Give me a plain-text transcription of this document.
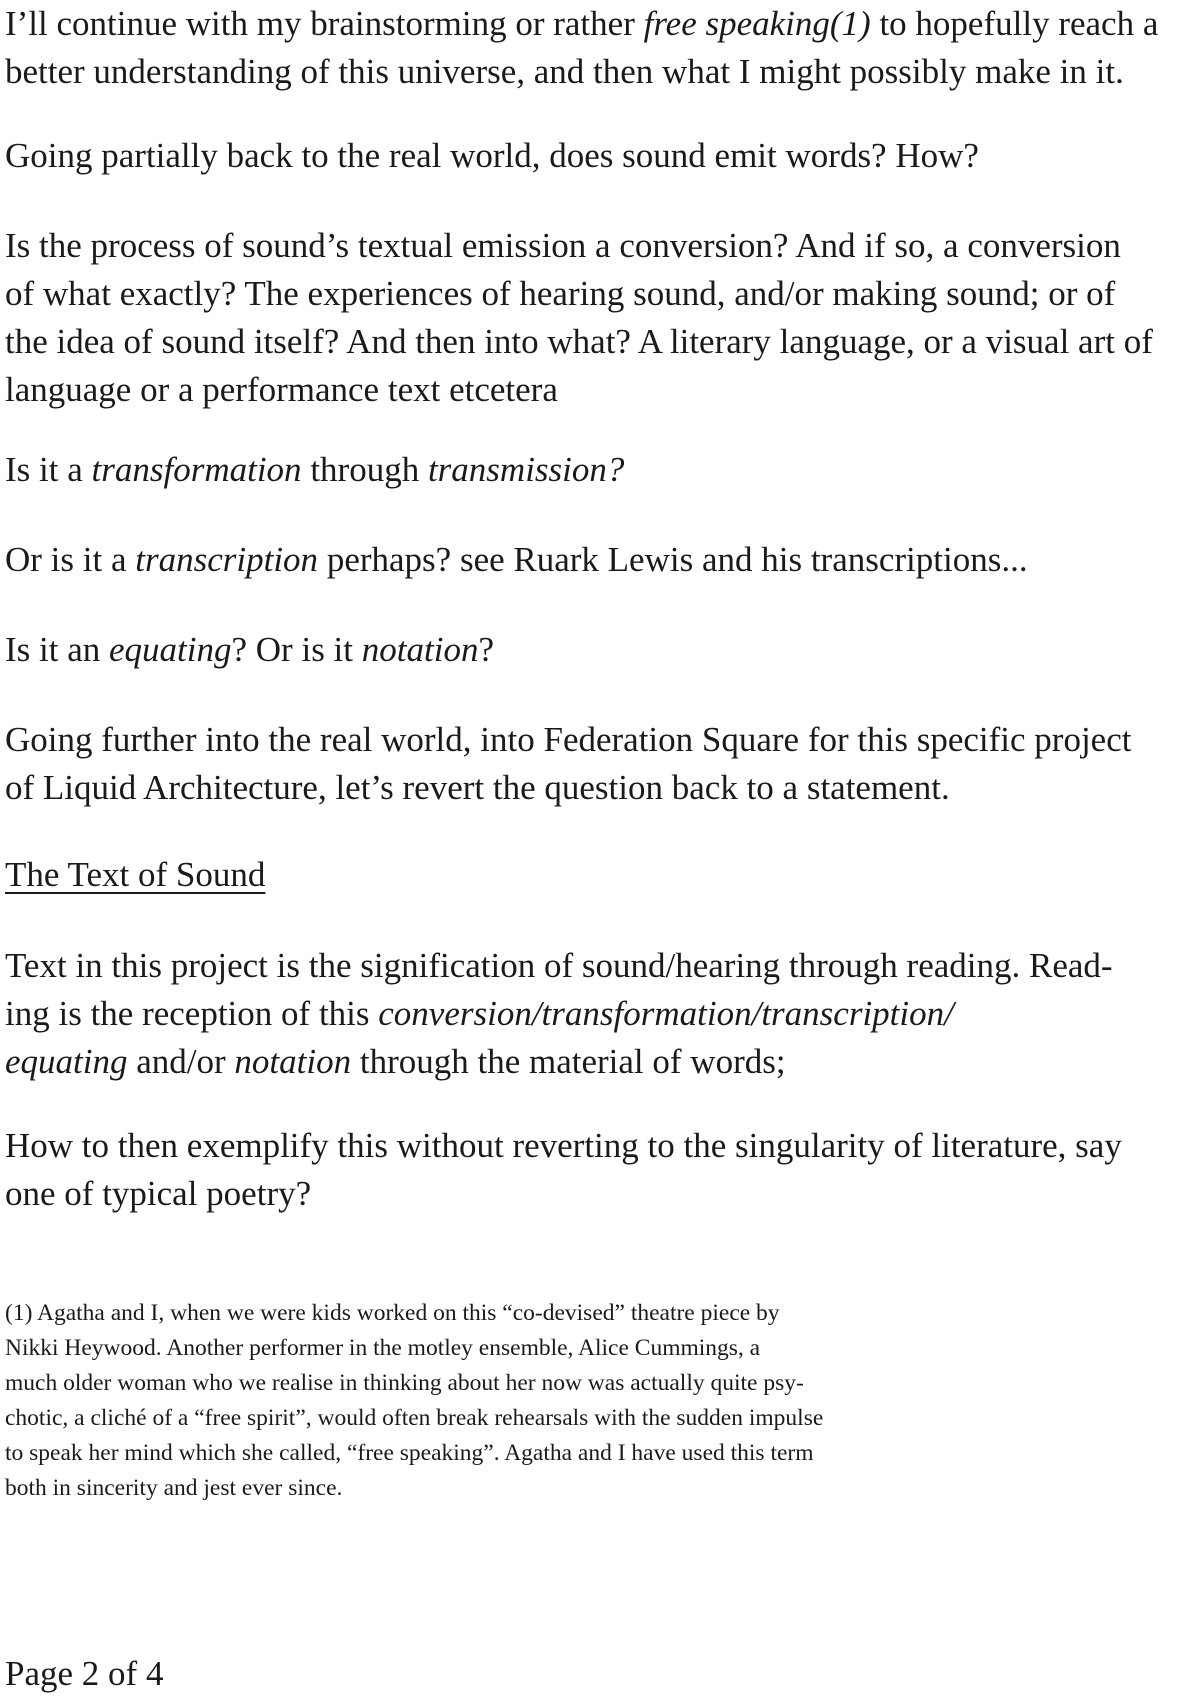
I’ll continue with my brainstorming or rather free speaking(1) to hopefully reach a
better understanding of this universe, and then what I might possibly make in it.

Going partially back to the real world, does sound emit words? How?

Is the process of sound’s textual emission a conversion? And if so, a conversion
of what exactly? The experiences of hearing sound, and/or making sound; or of
the idea of sound itself? And then into what? A literary language, or a visual art of
language or a performance text etcetera

Is it a transformation through transmission?

Or is it a transcription perhaps? see Ruark Lewis and his transcriptions...

Is it an equating? Or is it notation?

Going further into the real world, into Federation Square for this specific project
of Liquid Architecture, let’s revert the question back to a statement.

The Text of Sound

Text in this project is the signification of sound/hearing through reading. Read-
ing is the reception of this conversion/transformation/transcription/
equating and/or notation through the material of words;

How to then exemplify this without reverting to the singularity of literature, say
one of typical poetry?

(1) Agatha and I, when we were kids worked on this “co-devised” theatre piece by
Nikki Heywood. Another performer in the motley ensemble, Alice Cummings, a
much older woman who we realise in thinking about her now was actually quite psy-
chotic, a cliché of a “free spirit”, would often break rehearsals with the sudden impulse
to speak her mind which she called, “free speaking”. Agatha and I have used this term
both in sincerity and jest ever since.

Page 2 of 4
